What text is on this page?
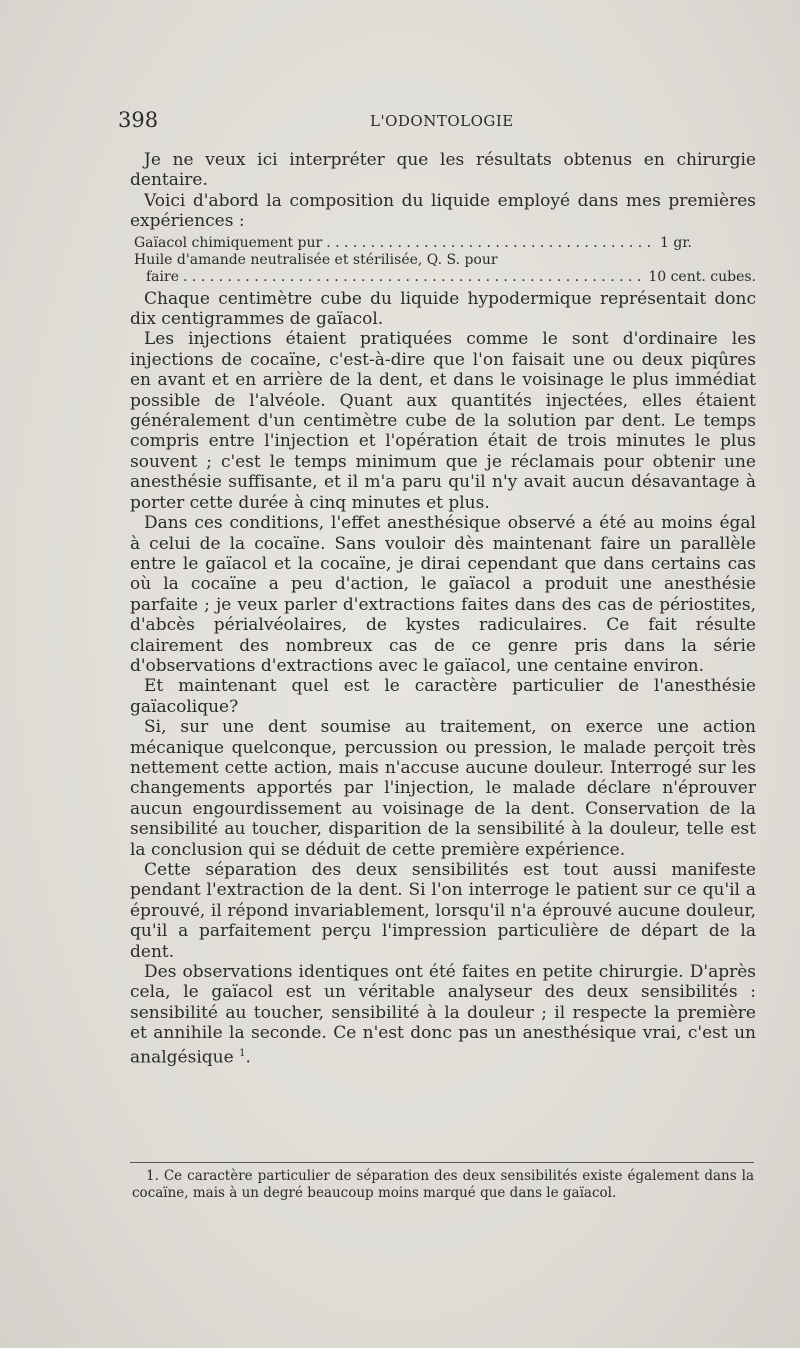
398	L'ODONTOLOGIE

Je ne veux ici interpréter que les résultats obtenus en chirurgie dentaire.

Voici d'abord la composition du liquide employé dans mes premières expériences :

Gaïacol chimiquement pur . . .	1 gr.
Huile d'amande neutralisée et stérilisée, Q. S. pour
faire . . .	10 cent. cubes.

Chaque centimètre cube du liquide hypodermique représentait donc dix centigrammes de gaïacol.

Les injections étaient pratiquées comme le sont d'ordinaire les injections de cocaïne, c'est-à-dire que l'on faisait une ou deux piqûres en avant et en arrière de la dent, et dans le voisinage le plus immédiat possible de l'alvéole. Quant aux quantités injectées, elles étaient généralement d'un centimètre cube de la solution par dent. Le temps compris entre l'injection et l'opération était de trois minutes le plus souvent ; c'est le temps minimum que je réclamais pour obtenir une anesthésie suffisante, et il m'a paru qu'il n'y avait aucun désavantage à porter cette durée à cinq minutes et plus.

Dans ces conditions, l'effet anesthésique observé a été au moins égal à celui de la cocaïne. Sans vouloir dès maintenant faire un parallèle entre le gaïacol et la cocaïne, je dirai cependant que dans certains cas où la cocaïne a peu d'action, le gaïacol a produit une anesthésie parfaite ; je veux parler d'extractions faites dans des cas de périostites, d'abcès périalvéolaires, de kystes radiculaires. Ce fait résulte clairement des nombreux cas de ce genre pris dans la série d'observations d'extractions avec le gaïacol, une centaine environ.

Et maintenant quel est le caractère particulier de l'anesthésie gaïacolique?

Si, sur une dent soumise au traitement, on exerce une action mécanique quelconque, percussion ou pression, le malade perçoit très nettement cette action, mais n'accuse aucune douleur. Interrogé sur les changements apportés par l'injection, le malade déclare n'éprouver aucun engourdissement au voisinage de la dent. Conservation de la sensibilité au toucher, disparition de la sensibilité à la douleur, telle est la conclusion qui se déduit de cette première expérience.

Cette séparation des deux sensibilités est tout aussi manifeste pendant l'extraction de la dent. Si l'on interroge le patient sur ce qu'il a éprouvé, il répond invariablement, lorsqu'il n'a éprouvé aucune douleur, qu'il a parfaitement perçu l'impression particulière de départ de la dent.

Des observations identiques ont été faites en petite chirurgie. D'après cela, le gaïacol est un véritable analyseur des deux sensibilités : sensibilité au toucher, sensibilité à la douleur ; il respecte la première et annihile la seconde. Ce n'est donc pas un anesthésique vrai, c'est un analgésique $^1$.

1. Ce caractère particulier de séparation des deux sensibilités existe également dans la cocaïne, mais à un degré beaucoup moins marqué que dans le gaïacol.
